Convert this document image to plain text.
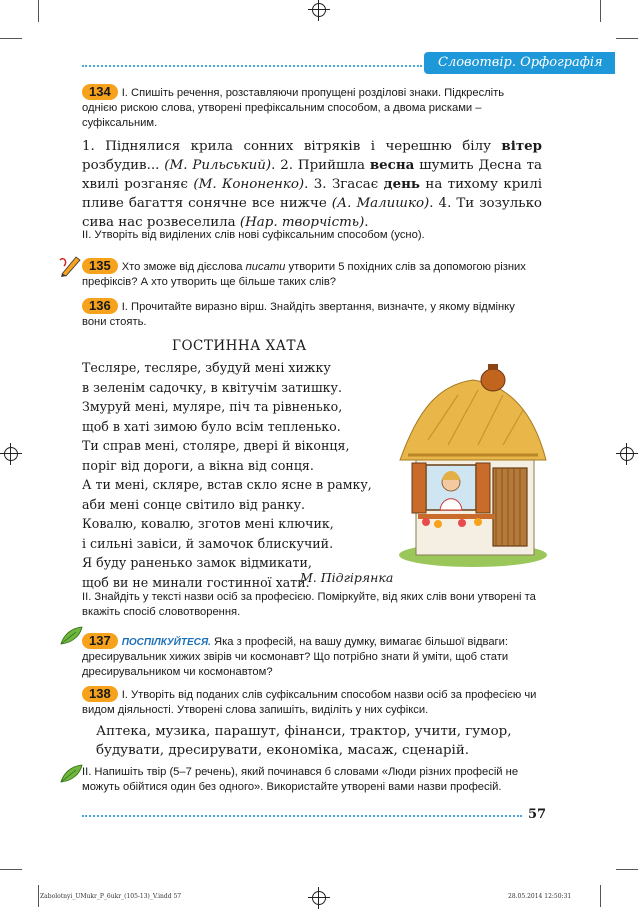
Словотвір. Орфографія
134 І. Спишіть речення, розставляючи пропущені розділові знаки. Підкресліть однією рискою слова, утворені префіксальним способом, а двома рисками – суфіксальним.
1. Піднялися крила сонних вітряків і черешню білу вітер розбудив... (М. Рильський). 2. Прийшла весна шумить Десна та хвилі розганяє (М. Кононенко). 3. Згасає день на тихому крилі пливе багаття сонячне все нижче (А. Малишко). 4. Ти зозулько сива нас розвеселила (Нар. творчість).
ІІ. Утворіть від виділених слів нові суфіксальним способом (усно).
135 Хто зможе від дієслова писати утворити 5 похідних слів за допомогою різних префіксів? А хто утворить ще більше таких слів?
136 І. Прочитайте виразно вірш. Знайдіть звертання, визначте, у якому відмінку вони стоять.
ГОСТИННА ХАТА
Тесляре, тесляре, збудуй мені хижку
в зеленім садочку, в квітучім затишку.
Змуруй мені, муляре, піч та рівненько,
щоб в хаті зимою було всім тепленько.
Ти справ мені, столяре, двері й віконця,
поріг від дороги, а вікна від сонця.
А ти мені, скляре, встав скло ясне в рамку,
аби мені сонце світило від ранку.
Ковалю, ковалю, зготов мені ключик,
і сильні завіси, й замочок блискучий.
Я буду раненько замок відмикати,
щоб ви не минали гостинної хати.
М. Підгірянка
ІІ. Знайдіть у тексті назви осіб за професією. Поміркуйте, від яких слів вони утворені та вкажіть спосіб словотворення.
137 ПОСПІЛКУЙТЕСЯ. Яка з професій, на вашу думку, вимагає більшої відваги: дресирувальник хижих звірів чи космонавт? Що потрібно знати й уміти, щоб стати дресирувальником чи космонавтом?
138 І. Утворіть від поданих слів суфіксальним способом назви осіб за професією чи видом діяльності. Утворені слова запишіть, виділіть у них суфікси.
Аптека, музика, парашут, фінанси, трактор, учити, гумор, будувати, дресирувати, економіка, масаж, сценарій.
ІІ. Напишіть твір (5–7 речень), який починався б словами «Люди різних професій не можуть обійтися один без одного». Використайте утворені вами назви професій.
57
Zabolotnyi_UMukr_P_6ukr_(105-13)_V.indd 57	28.05.2014 12:50:31
